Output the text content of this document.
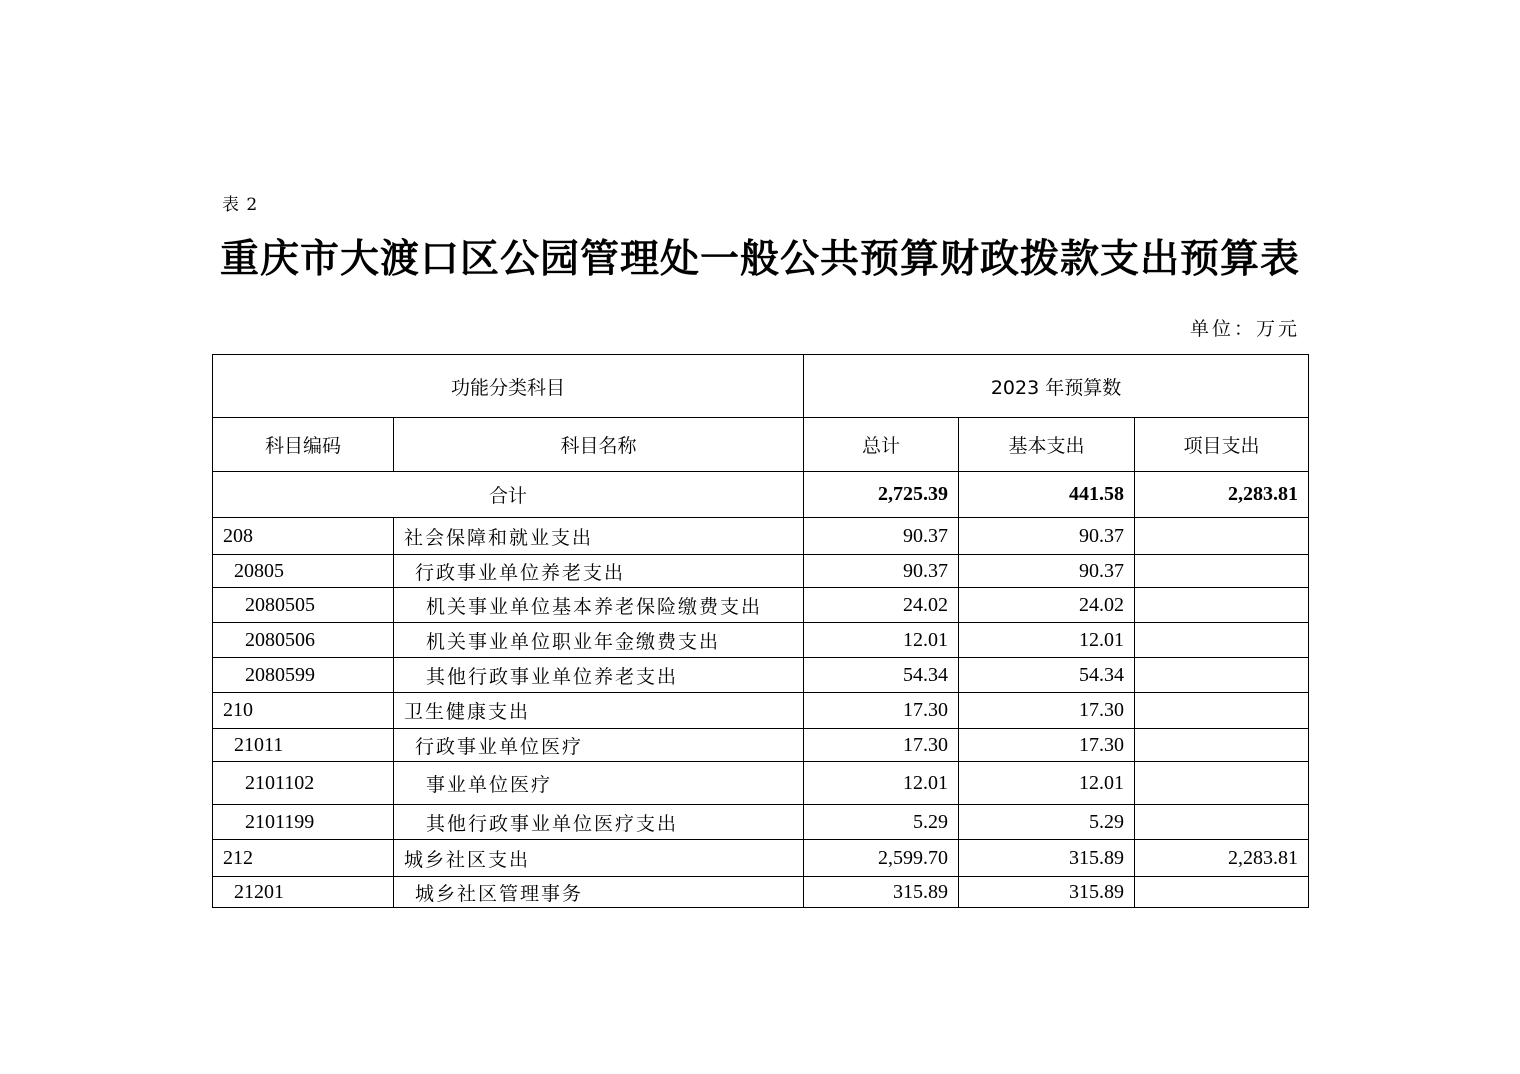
表 2
重庆市大渡口区公园管理处一般公共预算财政拨款支出预算表
单位：万元
功能分类科目		2023 年预算数		
科目编码	科目名称	总计	基本支出	项目支出
合计		2,725.39	441.58	2,283.81
208	社会保障和就业支出	90.37	90.37	
20805	行政事业单位养老支出	90.37	90.37	
2080505	机关事业单位基本养老保险缴费支出	24.02	24.02	
2080506	机关事业单位职业年金缴费支出	12.01	12.01	
2080599	其他行政事业单位养老支出	54.34	54.34	
210	卫生健康支出	17.30	17.30	
21011	行政事业单位医疗	17.30	17.30	
2101102	事业单位医疗	12.01	12.01	
2101199	其他行政事业单位医疗支出	5.29	5.29	
212	城乡社区支出	2,599.70	315.89	2,283.81
21201	城乡社区管理事务	315.89	315.89	
